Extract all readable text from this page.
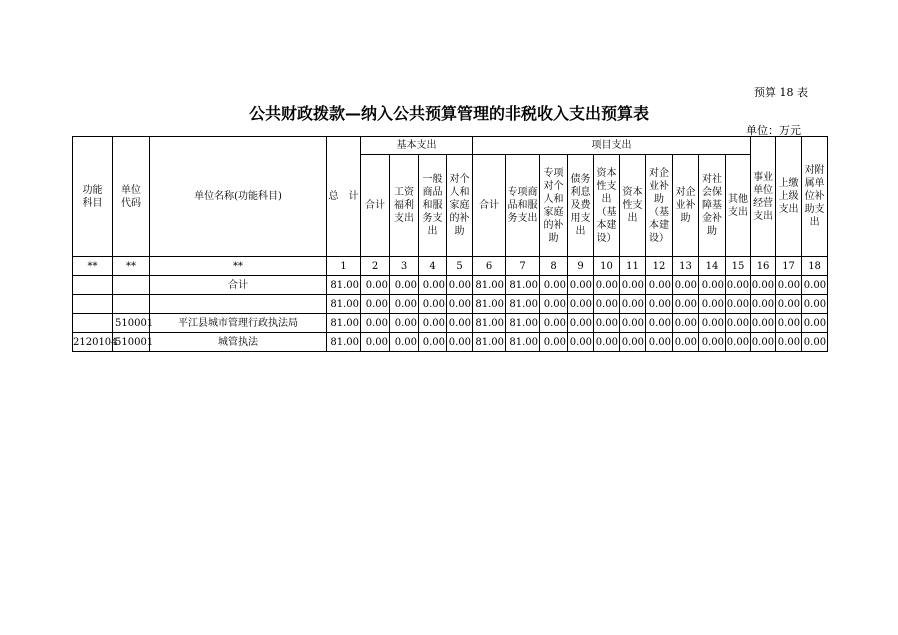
预算 18 表
公共财政拨款—纳入公共预算管理的非税收入支出预算表
单位：万元
功能科目	单位代码	单位名称(功能科目)	总　计	基本支出				项目支出										事业单位经营支出	上缴上级支出	对附属单位补助支出

				合计	工资福利支出	一般商品和服务支出	对个人和家庭的补助	合计	专项商品和服务支出	专项对个人和家庭的补助	债务利息及费用支出	资本性支出（基本建设）	资本性支出	对企业补助（基本建设）	对企业补助	对社会保障基金补助	其他支出			

**	**	**	1	2	3	4	5	6	7	8	9	10	11	12	13	14	15	16	17	18
		合计	81.00	0.00	0.00	0.00	0.00	81.00	81.00	0.00	0.00	0.00	0.00	0.00	0.00	0.00	0.00	0.00	0.00	0.00
			81.00	0.00	0.00	0.00	0.00	81.00	81.00	0.00	0.00	0.00	0.00	0.00	0.00	0.00	0.00	0.00	0.00	0.00
	510001	平江县城市管理行政执法局	81.00	0.00	0.00	0.00	0.00	81.00	81.00	0.00	0.00	0.00	0.00	0.00	0.00	0.00	0.00	0.00	0.00	0.00
2120104	510001	城管执法	81.00	0.00	0.00	0.00	0.00	81.00	81.00	0.00	0.00	0.00	0.00	0.00	0.00	0.00	0.00	0.00	0.00	0.00
